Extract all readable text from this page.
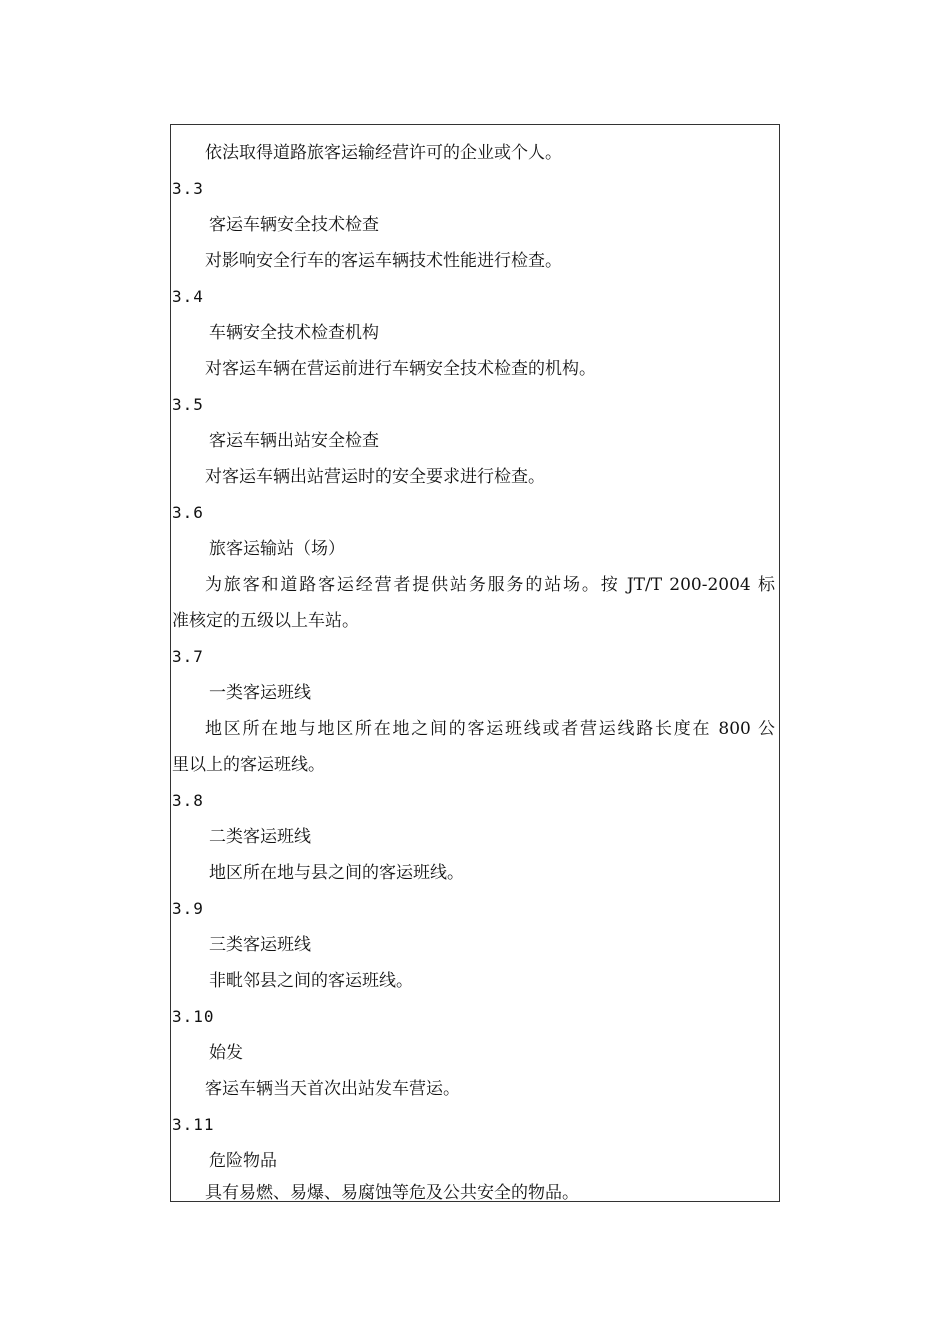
依法取得道路旅客运输经营许可的企业或个人。
3.3
客运车辆安全技术检查
对影响安全行车的客运车辆技术性能进行检查。
3.4
车辆安全技术检查机构
对客运车辆在营运前进行车辆安全技术检查的机构。
3.5
客运车辆出站安全检查
对客运车辆出站营运时的安全要求进行检查。
3.6
旅客运输站（场）
为旅客和道路客运经营者提供站务服务的站场。按 JT/T 200-2004 标
准核定的五级以上车站。
3.7
一类客运班线
地区所在地与地区所在地之间的客运班线或者营运线路长度在 800 公
里以上的客运班线。
3.8
二类客运班线
地区所在地与县之间的客运班线。
3.9
三类客运班线
非毗邻县之间的客运班线。
3.10
始发
客运车辆当天首次出站发车营运。
3.11
危险物品
具有易燃、易爆、易腐蚀等危及公共安全的物品。
